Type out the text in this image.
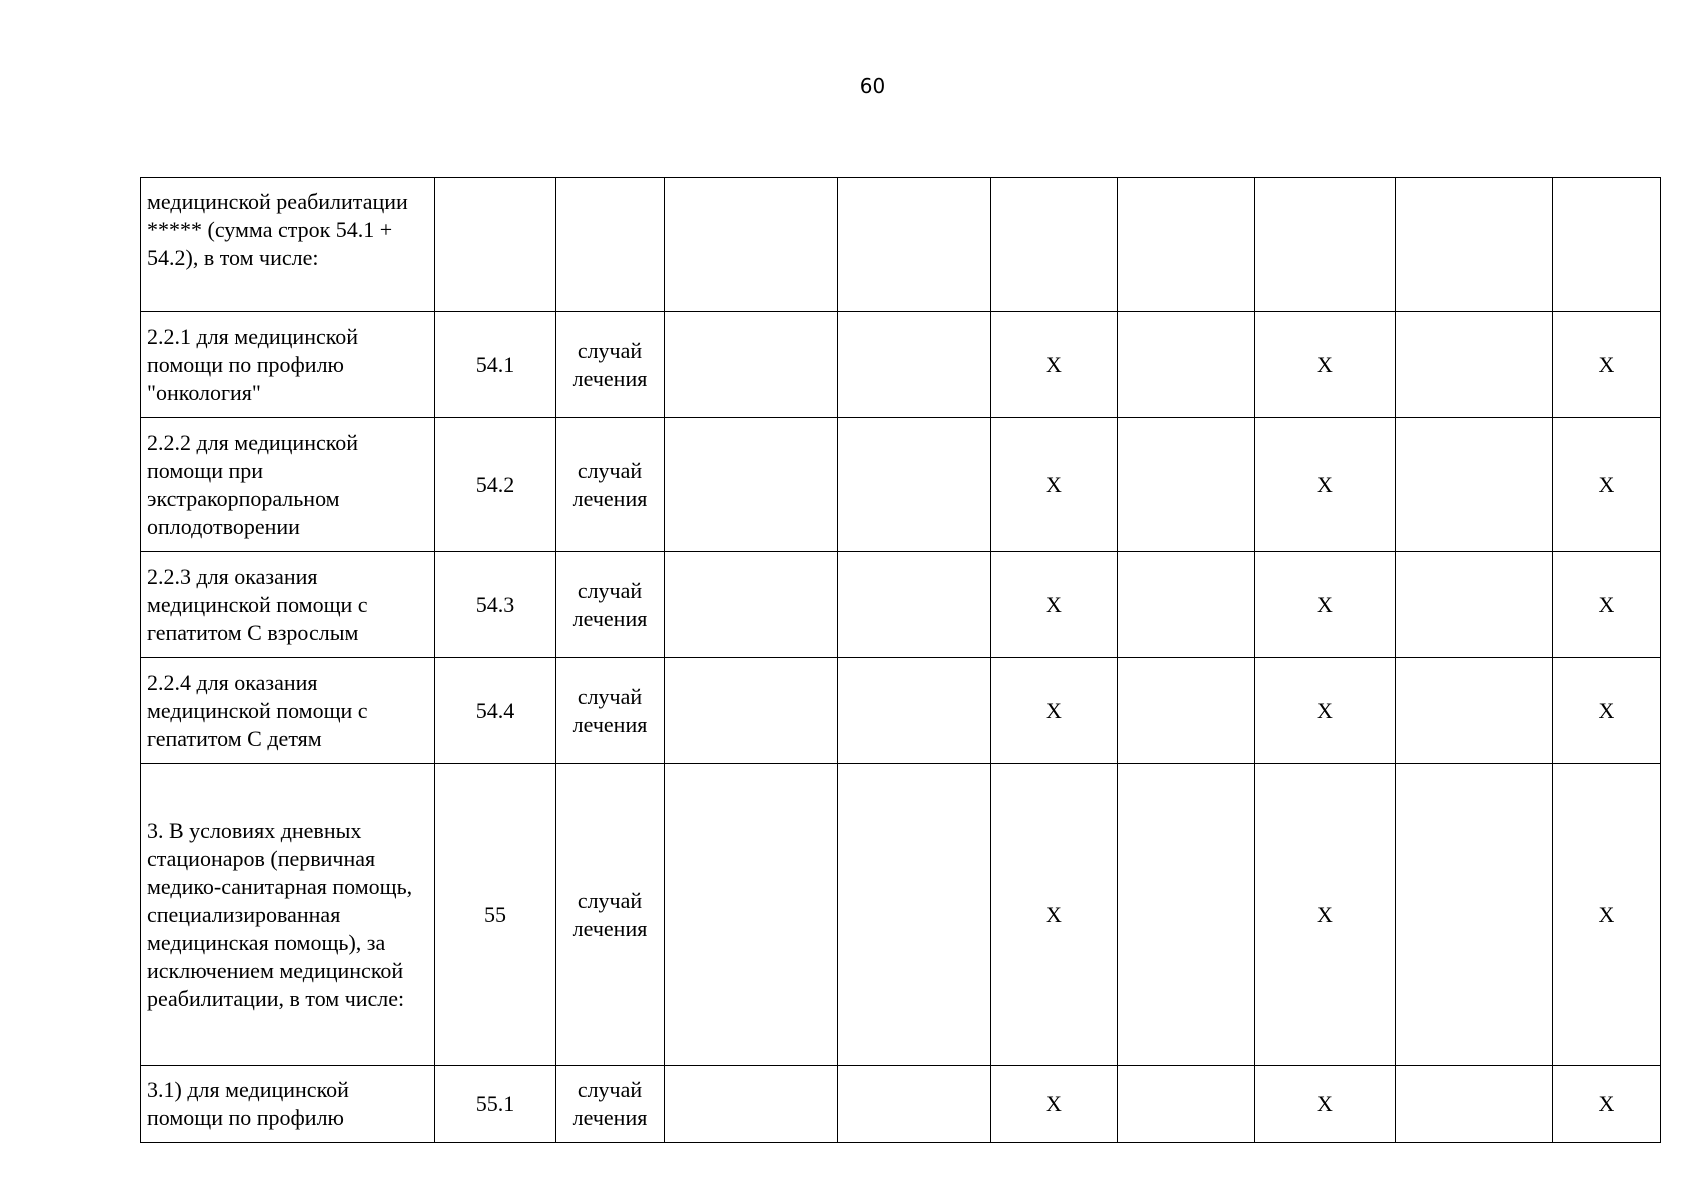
60
медицинской реабилитации ***** (сумма строк 54.1 + 54.2), в том числе:									
2.2.1 для медицинской помощи по профилю "онкология"	54.1	случай лечения			Х		Х		Х
2.2.2 для медицинской помощи при экстракорпоральном оплодотворении	54.2	случай лечения			Х		Х		Х
2.2.3 для оказания медицинской помощи с гепатитом С взрослым	54.3	случай лечения			Х		Х		Х
2.2.4 для оказания медицинской помощи с гепатитом С детям	54.4	случай лечения			Х		Х		Х
3. В условиях дневных стационаров (первичная медико-санитарная помощь, специализированная медицинская помощь), за исключением медицинской реабилитации, в том числе:	55	случай лечения			Х		Х		Х
3.1) для медицинской помощи по профилю	55.1	случай лечения			Х		Х		Х
